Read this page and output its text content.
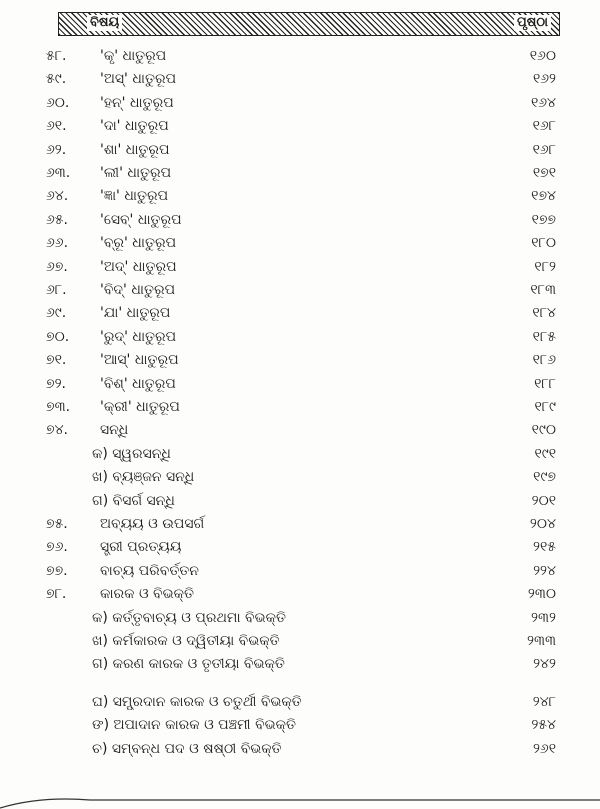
ବିଷୟ	ପୃଷ୍ଠା
୫୮.	'କୃ' ଧାତୁରୂପ	୧୬୦
୫୯.	'ଅସ୍' ଧାତୁରୂପ	୧୬୨
୬୦.	'ହନ୍' ଧାତୁରୂପ	୧୬୪
୬୧.	'ଦା' ଧାତୁରୂପ	୧୬୮
୬୨.	'ଶା' ଧାତୁରୂପ	୧୬୮
୬୩.	'ଲୀ' ଧାତୁରୂପ	୧୭୧
୬୪.	'ଜ୍ଞା' ଧାତୁରୂପ	୧୭୪
୬୫.	'ସେବ୍' ଧାତୁରୂପ	୧୭୭
୬୬.	'ବ୍ରୂ' ଧାତୁରୂପ	୧୮୦
୬୭.	'ଅଦ୍' ଧାତୁରୂପ	୧୮୨
୬୮.	'ବିଦ୍' ଧାତୁରୂପ	୧୮୩
୬୯.	'ଯା' ଧାତୁରୂପ	୧୮୪
୭୦.	'ରୁଦ୍' ଧାତୁରୂପ	୧୮୫
୭୧.	'ଆସ୍' ଧାତୁରୂପ	୧୮୬
୭୨.	'ବିଶ୍' ଧାତୁରୂପ	୧୮୮
୭୩.	'କ୍ରୀ' ଧାତୁରୂପ	୧୮୯
୭୪.	ସନ୍ଧି	୧୯୦
କ) ସ୍ୱରସନ୍ଧି	୧୯୧
ଖ) ବ୍ୟଞ୍ଜନ ସନ୍ଧି	୧୯୭
ଗ) ବିସର୍ଗ ସନ୍ଧି	୨୦୧
୭୫.	ଅବ୍ୟୟ ଓ ଉପସର୍ଗ	୨୦୪
୭୬.	ସ୍ତ୍ରୀ ପ୍ରତ୍ୟୟ	୨୧୫
୭୭.	ବାଚ୍ୟ ପରିବର୍ତ୍ତନ	୨୨୪
୭୮.	କାରକ ଓ ବିଭକ୍ତି	୨୩୦
କ) କର୍ତ୍ତୃବାଚ୍ୟ ଓ ପ୍ରଥମା ବିଭକ୍ତି	୨୩୨
ଖ) କର୍ମକାରକ ଓ ଦ୍ୱିତୀୟା ବିଭକ୍ତି	୨୩୩
ଗ) କରଣ କାରକ ଓ ତୃତୀୟା ବିଭକ୍ତି	୨୪୨
ଘ) ସମ୍ପ୍ରଦାନ କାରକ ଓ ଚତୁର୍ଥୀ ବିଭକ୍ତି	୨୪୮
ଙ) ଅପାଦାନ କାରକ ଓ ପଞ୍ଚମୀ ବିଭକ୍ତି	୨୫୪
ଚ) ସମ୍ବନ୍ଧ ପଦ ଓ ଷଷ୍ଠୀ ବିଭକ୍ତି	୨୬୧
